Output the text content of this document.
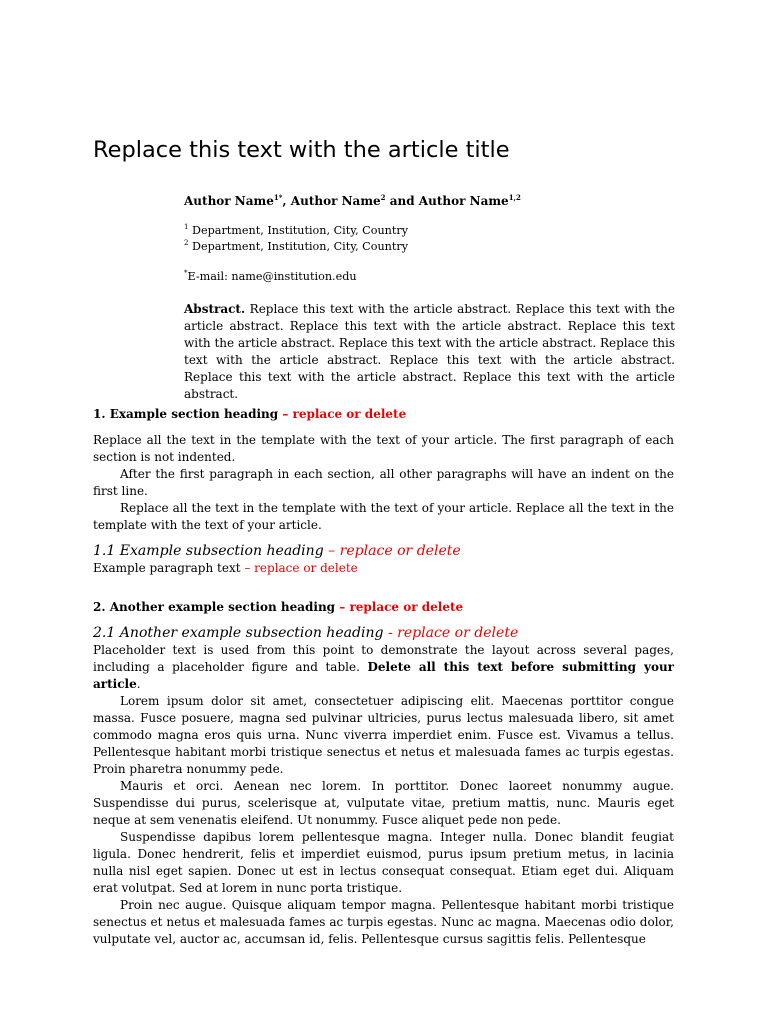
Replace this text with the article title
Author Name$^{1*}$, Author Name$^2$ and Author Name$^{1,2}$
$^1$ Department, Institution, City, Country
$^2$ Department, Institution, City, Country
*E-mail: name@institution.edu

Abstract. Replace this text with the article abstract. Replace this text with the article abstract. Replace this text with the article abstract. Replace this text with the article abstract. Replace this text with the article abstract. Replace this text with the article abstract. Replace this text with the article abstract. Replace this text with the article abstract. Replace this text with the article abstract.

1. Example section heading – replace or delete

Replace all the text in the template with the text of your article. The first paragraph of each section is not indented.

After the first paragraph in each section, all other paragraphs will have an indent on the first line.

Replace all the text in the template with the text of your article. Replace all the text in the template with the text of your article.

1.1 Example subsection heading – replace or delete
Example paragraph text – replace or delete
2. Another example section heading – replace or delete
2.1 Another example subsection heading - replace or delete

Placeholder text is used from this point to demonstrate the layout across several pages, including a placeholder figure and table. Delete all this text before submitting your article.

Lorem ipsum dolor sit amet, consectetuer adipiscing elit. Maecenas porttitor congue massa. Fusce posuere, magna sed pulvinar ultricies, purus lectus malesuada libero, sit amet commodo magna eros quis urna. Nunc viverra imperdiet enim. Fusce est. Vivamus a tellus. Pellentesque habitant morbi tristique senectus et netus et malesuada fames ac turpis egestas. Proin pharetra nonummy pede.

Mauris et orci. Aenean nec lorem. In porttitor. Donec laoreet nonummy augue. Suspendisse dui purus, scelerisque at, vulputate vitae, pretium mattis, nunc. Mauris eget neque at sem venenatis eleifend. Ut nonummy. Fusce aliquet pede non pede.

Suspendisse dapibus lorem pellentesque magna. Integer nulla. Donec blandit feugiat ligula. Donec hendrerit, felis et imperdiet euismod, purus ipsum pretium metus, in lacinia nulla nisl eget sapien. Donec ut est in lectus consequat consequat. Etiam eget dui. Aliquam erat volutpat. Sed at lorem in nunc porta tristique.

Proin nec augue. Quisque aliquam tempor magna. Pellentesque habitant morbi tristique senectus et netus et malesuada fames ac turpis egestas. Nunc ac magna. Maecenas odio dolor, vulputate vel, auctor ac, accumsan id, felis. Pellentesque cursus sagittis felis. Pellentesque
